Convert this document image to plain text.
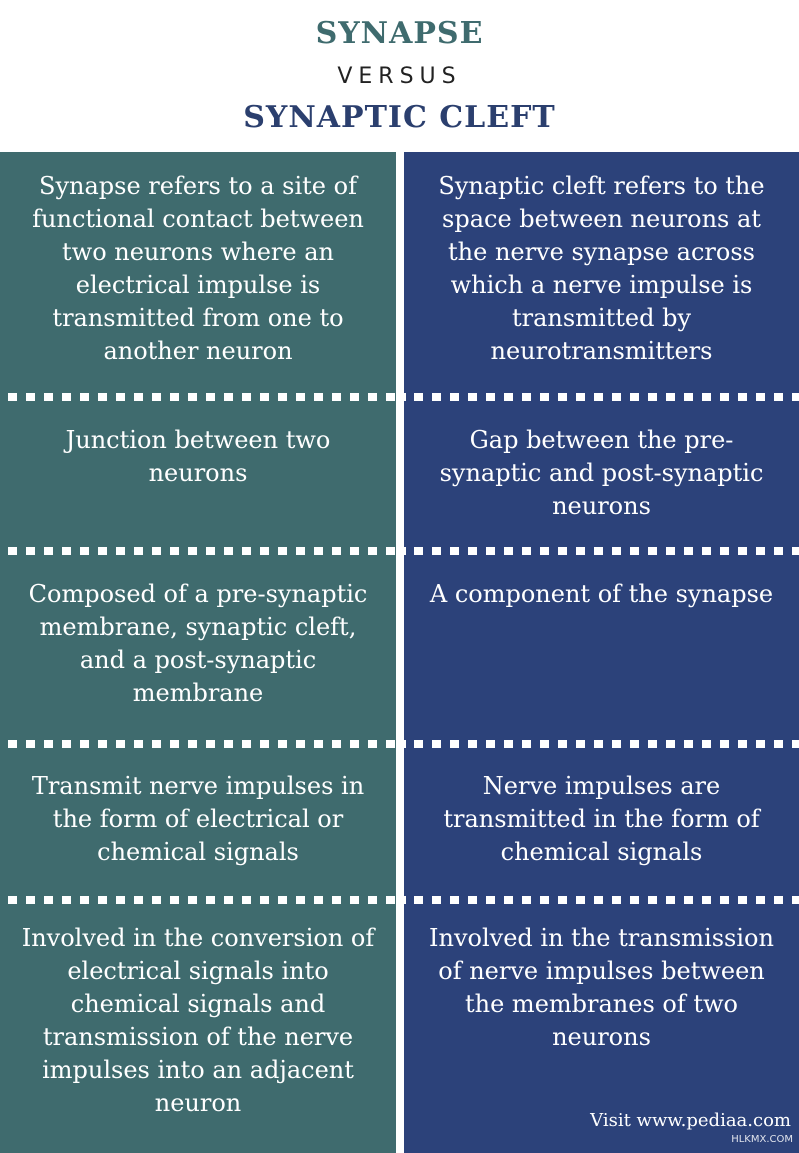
SYNAPSE
VERSUS
SYNAPTIC CLEFT
Synapse refers to a site of functional contact between two neurons where an electrical impulse is transmitted from one to another neuron
Junction between two neurons
Composed of a pre-synaptic membrane, synaptic cleft, and a post-synaptic membrane
Transmit nerve impulses in the form of electrical or chemical signals
Involved in the conversion of electrical signals into chemical signals and transmission of the nerve impulses into an adjacent neuron
Synaptic cleft refers to the space between neurons at the nerve synapse across which a nerve impulse is transmitted by neurotransmitters
Gap between the pre-synaptic and post-synaptic neurons
A component of the synapse
Nerve impulses are transmitted in the form of chemical signals
Involved in the transmission of nerve impulses between the membranes of two neurons
Visit www.pediaa.com
HLKMX.COM
